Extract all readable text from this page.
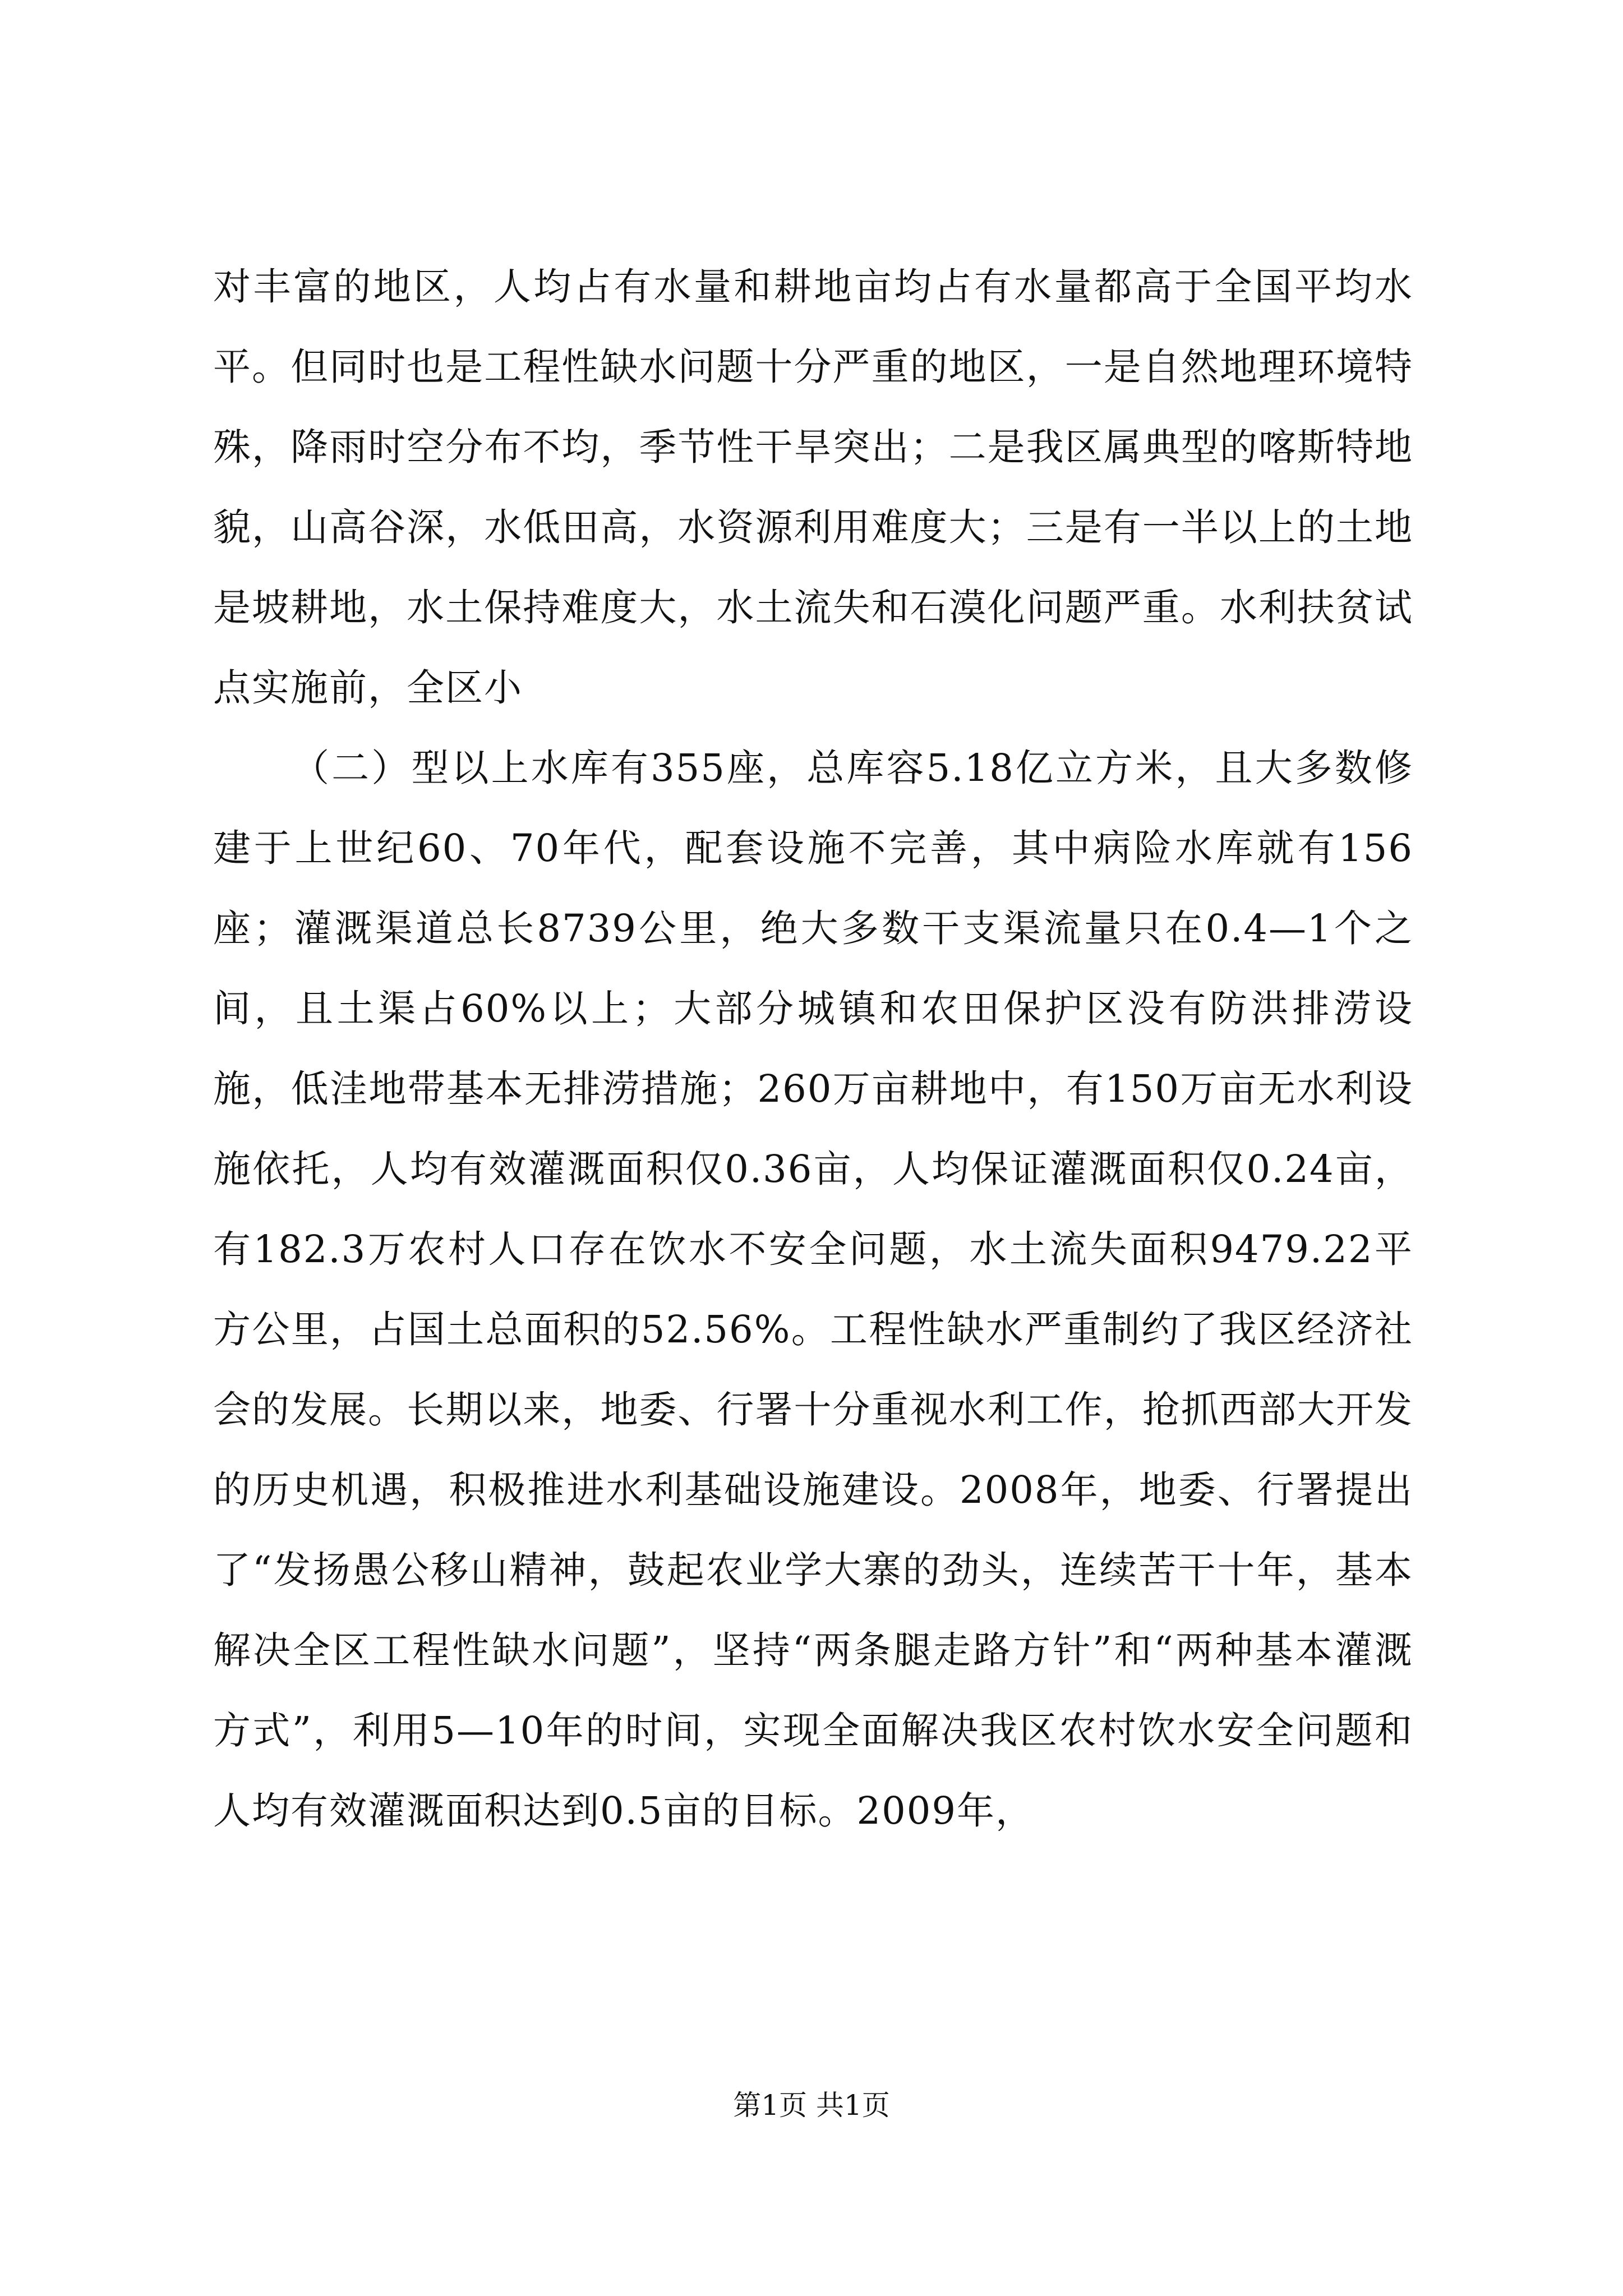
对丰富的地区，人均占有水量和耕地亩均占有水量都高于全国平均水平。但同时也是工程性缺水问题十分严重的地区，一是自然地理环境特殊，降雨时空分布不均，季节性干旱突出；二是我区属典型的喀斯特地貌，山高谷深，水低田高，水资源利用难度大；三是有一半以上的土地是坡耕地，水土保持难度大，水土流失和石漠化问题严重。水利扶贫试点实施前，全区小

（二）型以上水库有355座，总库容5.18亿立方米，且大多数修建于上世纪60、70年代，配套设施不完善，其中病险水库就有156座；灌溉渠道总长8739公里，绝大多数干支渠流量只在0.4—1个之间，且土渠占60%以上；大部分城镇和农田保护区没有防洪排涝设施，低洼地带基本无排涝措施；260万亩耕地中，有150万亩无水利设施依托，人均有效灌溉面积仅0.36亩，人均保证灌溉面积仅0.24亩，有182.3万农村人口存在饮水不安全问题，水土流失面积9479.22平方公里，占国土总面积的52.56%。工程性缺水严重制约了我区经济社会的发展。长期以来，地委、行署十分重视水利工作，抢抓西部大开发的历史机遇，积极推进水利基础设施建设。2008年，地委、行署提出了“发扬愚公移山精神，鼓起农业学大寨的劲头，连续苦干十年，基本解决全区工程性缺水问题”，坚持“两条腿走路方针”和“两种基本灌溉方式”，利用5—10年的时间，实现全面解决我区农村饮水安全问题和人均有效灌溉面积达到0.5亩的目标。2009年，

第1页 共1页
